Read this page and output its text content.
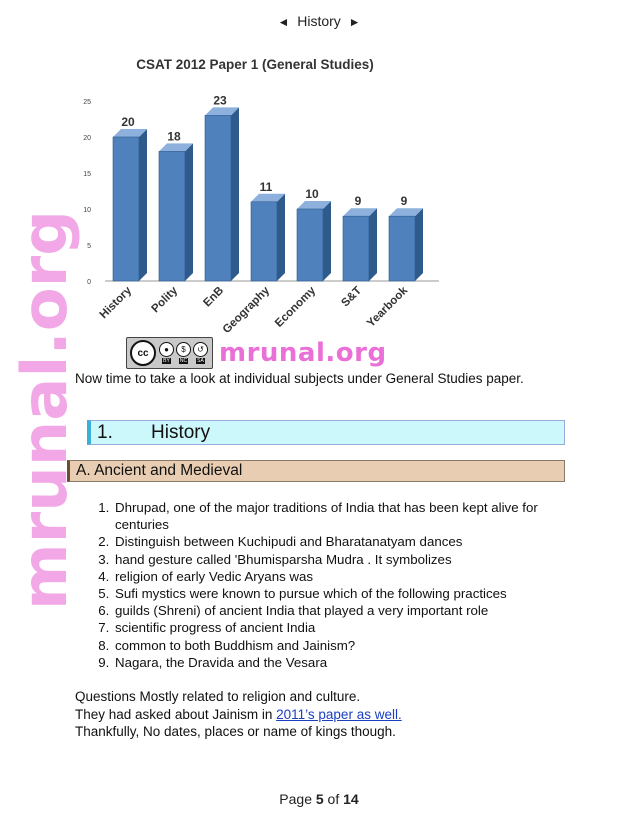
◄ History ►
mrunal.org
CSAT 2012 Paper 1 (General Studies)
0
5
10
15
20
25
20
History
18
Polity
23
EnB
11
Geography
10
Economy
9
S&T
9
Yearbook
cc	●
BY
$
NC
↺
SA mrunal.org
Now time to take a look at individual subjects under General Studies paper.
1. History
A. Ancient and Medieval
1. Dhrupad, one of the major traditions of India that has been kept alive for centuries
2. Distinguish between Kuchipudi and Bharatanatyam dances
3. hand gesture called 'Bhumisparsha Mudra . It symbolizes
4. religion of early Vedic Aryans was
5. Sufi mystics were known to pursue which of the following practices
6. guilds (Shreni) of ancient India that played a very important role
7. scientific progress of ancient India
8. common to both Buddhism and Jainism?
9. Nagara, the Dravida and the Vesara
Questions Mostly related to religion and culture.
They had asked about Jainism in 2011’s paper as well.
Thankfully, No dates, places or name of kings though.
Page 5 of 14
